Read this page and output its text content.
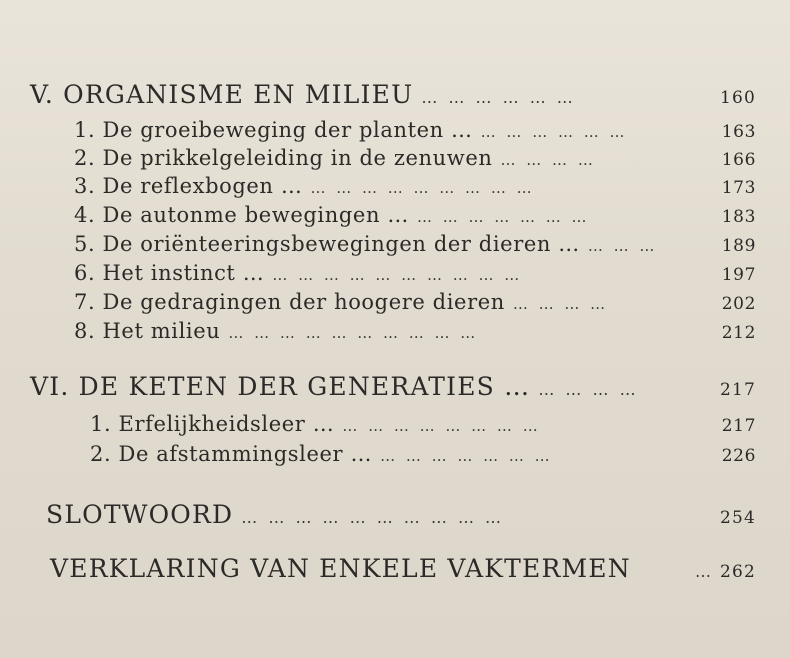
V. ORGANISME EN MILIEU … … … … … …	160
1. De groeibeweging der planten … … … … … … …	163
2. De prikkelgeleiding in de zenuwen … … … …	166
3. De reflexbogen … … … … … … … … … …	173
4. De autonme bewegingen … … … … … … … …	183
5. De oriënteeringsbewegingen der dieren … … … …	189
6. Het instinct … … … … … … … … … … …	197
7. De gedragingen der hoogere dieren … … … …	202
8. Het milieu … … … … … … … … … …	212
VI. DE KETEN DER GENERATIES … … … … …	217
1. Erfelijkheidsleer … … … … … … … … …	217
2. De afstammingsleer … … … … … … … …	226
SLOTWOORD … … … … … … … … … …	254
VERKLARING VAN ENKELE VAKTERMEN	… 262
